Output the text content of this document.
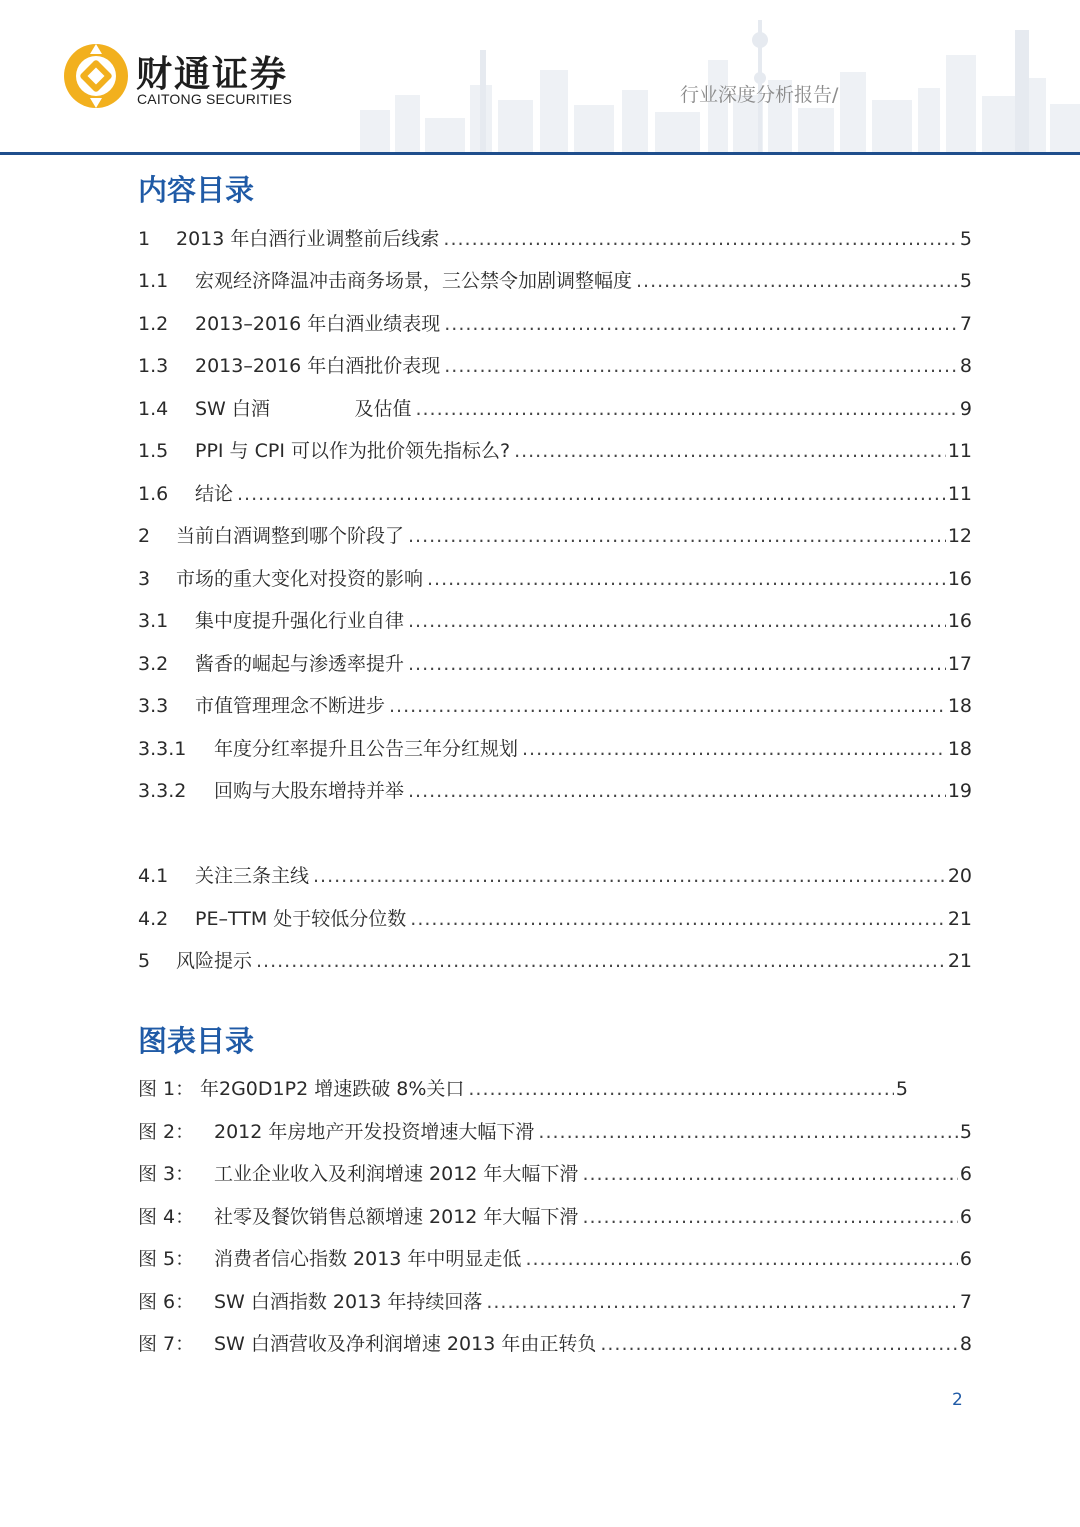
财通证券
CAITONG SECURITIES	行业深度分析报告/
内容目录
1	2013 年白酒行业调整前后线索 .....	5
1.1	宏观经济降温冲击商务场景，三公禁令加剧调整幅度 .....	5
1.2	2013–2016 年白酒业绩表现 .....	7
1.3	2013–2016 年白酒批价表现 .....	8
1.4	SW 白酒              及估值 .....	9
1.5	PPI 与 CPI 可以作为批价领先指标么? .....	11
1.6	结论 .....	11
2	当前白酒调整到哪个阶段了 .....	12
3	市场的重大变化对投资的影响 .....	16
3.1	集中度提升强化行业自律 .....	16
3.2	酱香的崛起与渗透率提升 .....	17
3.3	市值管理理念不断进步 .....	18
3.3.1	年度分红率提升且公告三年分红规划 .....	18
3.3.2	回购与大股东增持并举 .....	19
4.1	关注三条主线 .....	20
4.2	PE–TTM 处于较低分位数 .....	21
5	风险提示 .....	21
图表目录
图 1： 年2G0D1P2 增速跌破 8%关口 .....	5
图 2：	2012 年房地产开发投资增速大幅下滑 .....	5
图 3：	工业企业收入及利润增速 2012 年大幅下滑 .....	6
图 4：	社零及餐饮销售总额增速 2012 年大幅下滑 .....	6
图 5：	消费者信心指数 2013 年中明显走低 .....	6
图 6：	SW 白酒指数 2013 年持续回落 .....	7
图 7：	SW 白酒营收及净利润增速 2013 年由正转负 .....	8
2
